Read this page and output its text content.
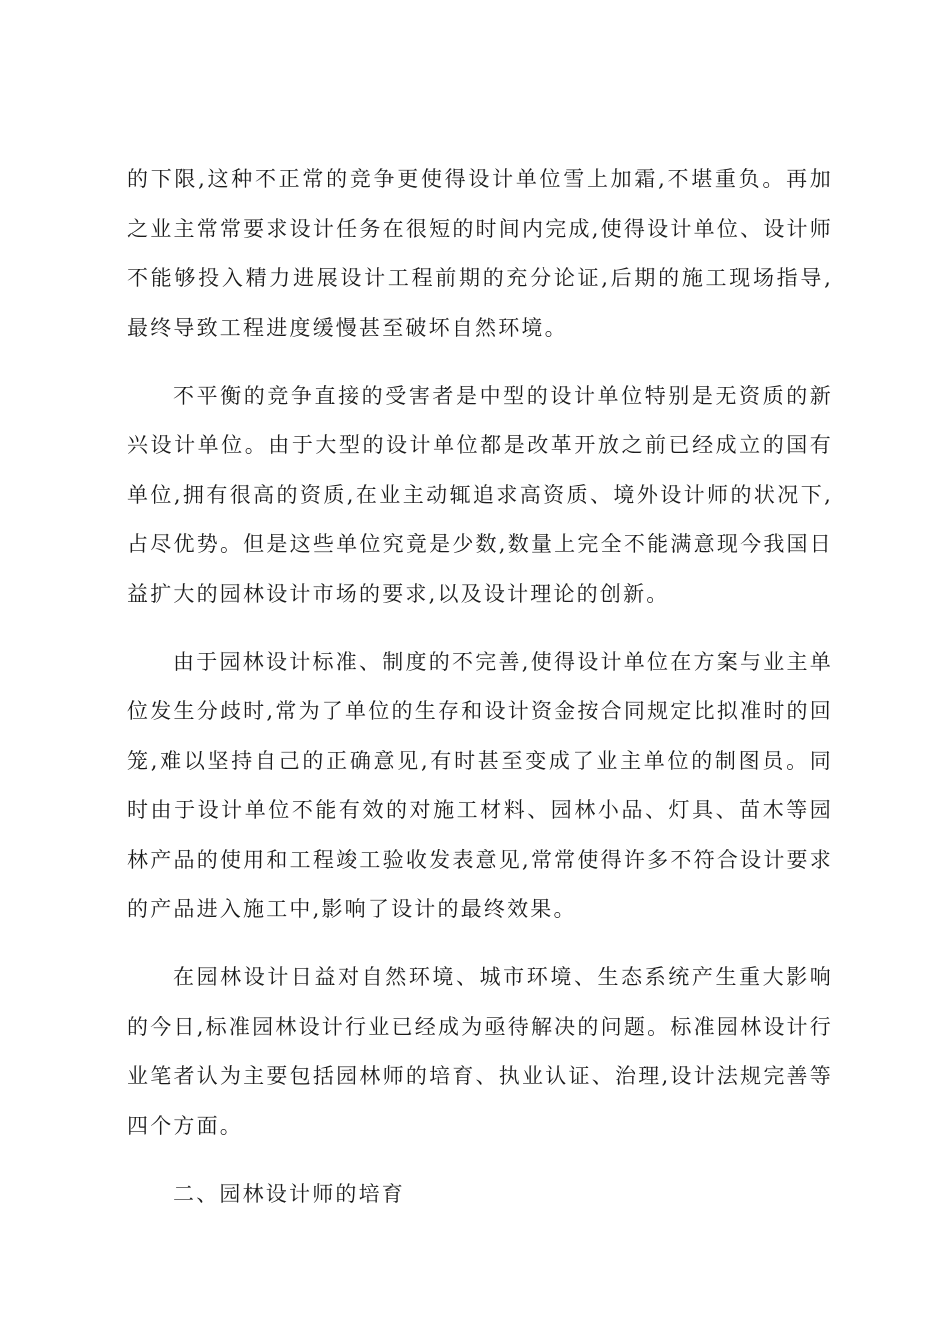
的下限,这种不正常的竞争更使得设计单位雪上加霜,不堪重负。再加之业主常常要求设计任务在很短的时间内完成,使得设计单位、设计师不能够投入精力进展设计工程前期的充分论证,后期的施工现场指导,最终导致工程进度缓慢甚至破坏自然环境。

不平衡的竞争直接的受害者是中型的设计单位特别是无资质的新兴设计单位。由于大型的设计单位都是改革开放之前已经成立的国有单位,拥有很高的资质,在业主动辄追求高资质、境外设计师的状况下,占尽优势。但是这些单位究竟是少数,数量上完全不能满意现今我国日益扩大的园林设计市场的要求,以及设计理论的创新。

由于园林设计标准、制度的不完善,使得设计单位在方案与业主单位发生分歧时,常为了单位的生存和设计资金按合同规定比拟准时的回笼,难以坚持自己的正确意见,有时甚至变成了业主单位的制图员。同时由于设计单位不能有效的对施工材料、园林小品、灯具、苗木等园林产品的使用和工程竣工验收发表意见,常常使得许多不符合设计要求的产品进入施工中,影响了设计的最终效果。

在园林设计日益对自然环境、城市环境、生态系统产生重大影响的今日,标准园林设计行业已经成为亟待解决的问题。标准园林设计行业笔者认为主要包括园林师的培育、执业认证、治理,设计法规完善等四个方面。

二、园林设计师的培育
